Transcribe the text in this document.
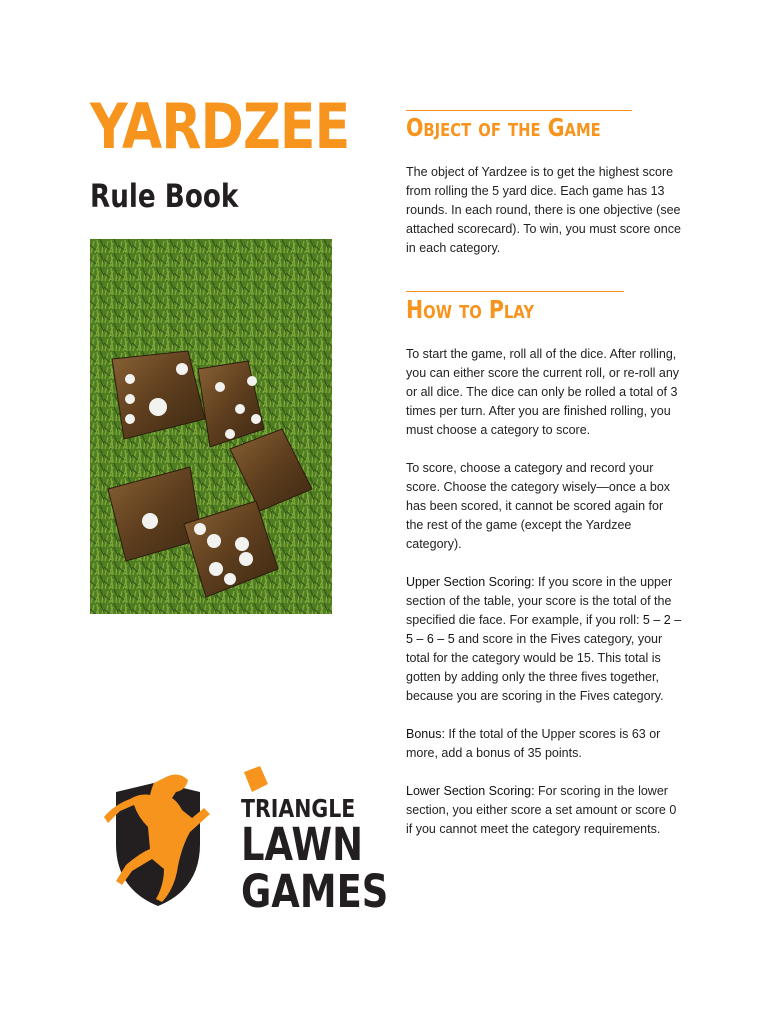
YARDZEE
Rule Book
TRIANGLE
LAWN
GAMES
Object of the Game

The object of Yardzee is to get the highest score from rolling the 5 yard dice. Each game has 13 rounds. In each round, there is one objective (see attached scorecard). To win, you must score once in each category.

How to Play

To start the game, roll all of the dice. After rolling, you can either score the current roll, or re-roll any or all dice. The dice can only be rolled a total of 3 times per turn. After you are finished rolling, you must choose a category to score.

To score, choose a category and record your score. Choose the category wisely—once a box has been scored, it cannot be scored again for the rest of the game (except the Yardzee category).

Upper Section Scoring: If you score in the upper section of the table, your score is the total of the specified die face. For example, if you roll: 5 – 2 – 5 – 6 – 5 and score in the Fives category, your total for the category would be 15. This total is gotten by adding only the three fives together, because you are scoring in the Fives category.

Bonus: If the total of the Upper scores is 63 or more, add a bonus of 35 points.

Lower Section Scoring: For scoring in the lower section, you either score a set amount or score 0 if you cannot meet the category requirements.
